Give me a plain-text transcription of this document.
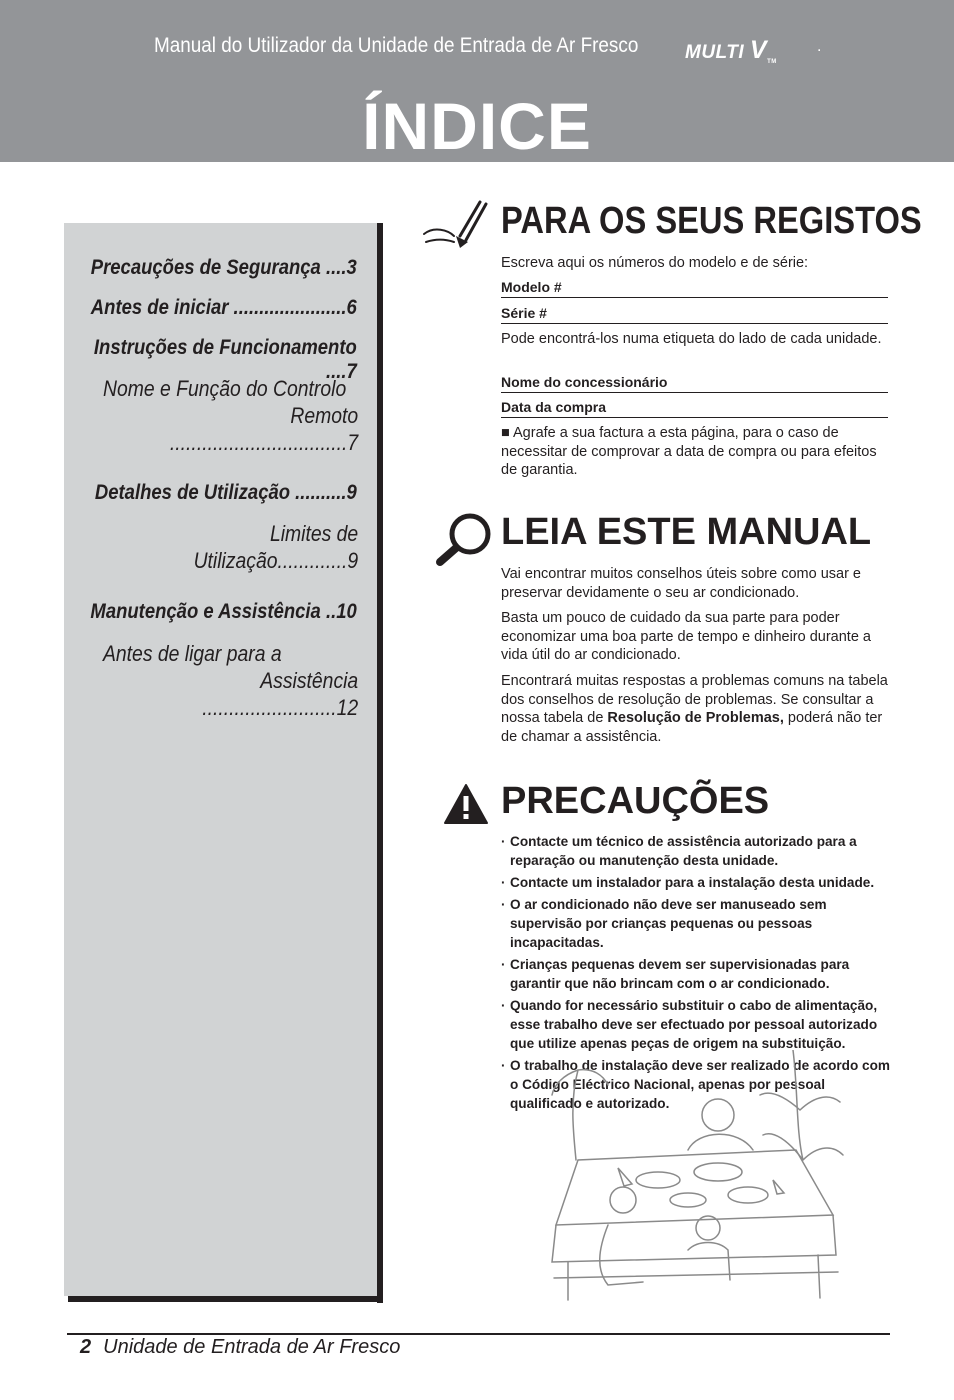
Manual do Utilizador da Unidade de Entrada de Ar Fresco MULTI VTM
.
ÍNDICE
Precauções de Segurança ....3
Antes de iniciar ......................6
Instruções de Funcionamento ....7
Nome e Função do Controlo
Remoto .................................7
Detalhes de Utilização ..........9
Limites de Utilização.............9
Manutenção e Assistência ..10
Antes de ligar para a
Assistência .........................12
PARA OS SEUS REGISTOS
Escreva aqui os números do modelo e de série:
Modelo #
Série #
Pode encontrá-los numa etiqueta do lado de cada unidade.
Nome do concessionário
Data da compra
■ Agrafe a sua factura a esta página, para o caso de necessitar de comprovar a data de compra ou para efeitos de garantia.
LEIA ESTE MANUAL
Vai encontrar muitos conselhos úteis sobre como usar e preservar devidamente o seu ar condicionado.
Basta um pouco de cuidado da sua parte para poder economizar uma boa parte de tempo e dinheiro durante a vida útil do ar condicionado.
Encontrará muitas respostas a problemas comuns na tabela dos conselhos de resolução de problemas. Se consultar a nossa tabela de Resolução de Problemas, poderá não ter de chamar a assistência.
PRECAUÇÕES
· Contacte um técnico de assistência autorizado para a reparação ou manutenção desta unidade.
· Contacte um instalador para a instalação desta unidade.
· O ar condicionado não deve ser manuseado sem supervisão por crianças pequenas ou pessoas incapacitadas.
· Crianças pequenas devem ser supervisionadas para garantir que não brincam com o ar condicionado.
· Quando for necessário substituir o cabo de alimentação, esse trabalho deve ser efectuado por pessoal autorizado que utilize apenas peças de origem na substituição.
· O trabalho de instalação deve ser realizado de acordo com o Código Eléctrico Nacional, apenas por pessoal qualificado e autorizado.
2 Unidade de Entrada de Ar Fresco
